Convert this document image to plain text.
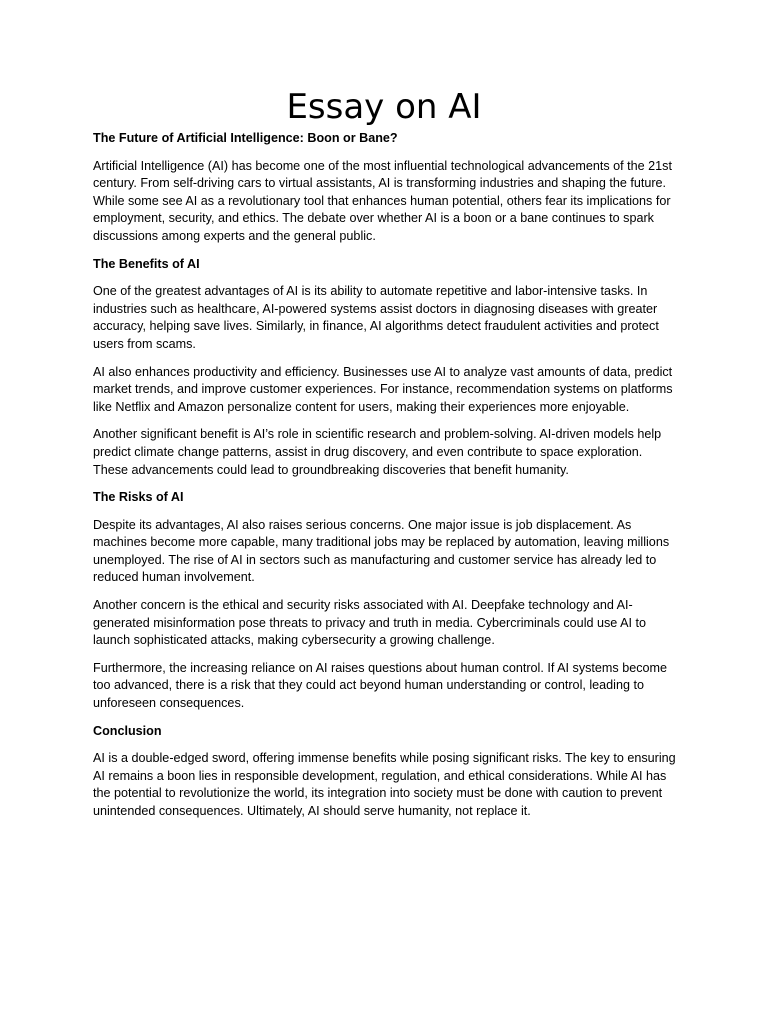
Essay on AI

The Future of Artificial Intelligence: Boon or Bane?

Artificial Intelligence (AI) has become one of the most influential technological advancements of the 21st century. From self-driving cars to virtual assistants, AI is transforming industries and shaping the future. While some see AI as a revolutionary tool that enhances human potential, others fear its implications for employment, security, and ethics. The debate over whether AI is a boon or a bane continues to spark discussions among experts and the general public.

The Benefits of AI

One of the greatest advantages of AI is its ability to automate repetitive and labor-intensive tasks. In industries such as healthcare, AI-powered systems assist doctors in diagnosing diseases with greater accuracy, helping save lives. Similarly, in finance, AI algorithms detect fraudulent activities and protect users from scams.

AI also enhances productivity and efficiency. Businesses use AI to analyze vast amounts of data, predict market trends, and improve customer experiences. For instance, recommendation systems on platforms like Netflix and Amazon personalize content for users, making their experiences more enjoyable.

Another significant benefit is AI’s role in scientific research and problem-solving. AI-driven models help predict climate change patterns, assist in drug discovery, and even contribute to space exploration. These advancements could lead to groundbreaking discoveries that benefit humanity.

The Risks of AI

Despite its advantages, AI also raises serious concerns. One major issue is job displacement. As machines become more capable, many traditional jobs may be replaced by automation, leaving millions unemployed. The rise of AI in sectors such as manufacturing and customer service has already led to reduced human involvement.

Another concern is the ethical and security risks associated with AI. Deepfake technology and AI-generated misinformation pose threats to privacy and truth in media. Cybercriminals could use AI to launch sophisticated attacks, making cybersecurity a growing challenge.

Furthermore, the increasing reliance on AI raises questions about human control. If AI systems become too advanced, there is a risk that they could act beyond human understanding or control, leading to unforeseen consequences.

Conclusion

AI is a double-edged sword, offering immense benefits while posing significant risks. The key to ensuring AI remains a boon lies in responsible development, regulation, and ethical considerations. While AI has the potential to revolutionize the world, its integration into society must be done with caution to prevent unintended consequences. Ultimately, AI should serve humanity, not replace it.
